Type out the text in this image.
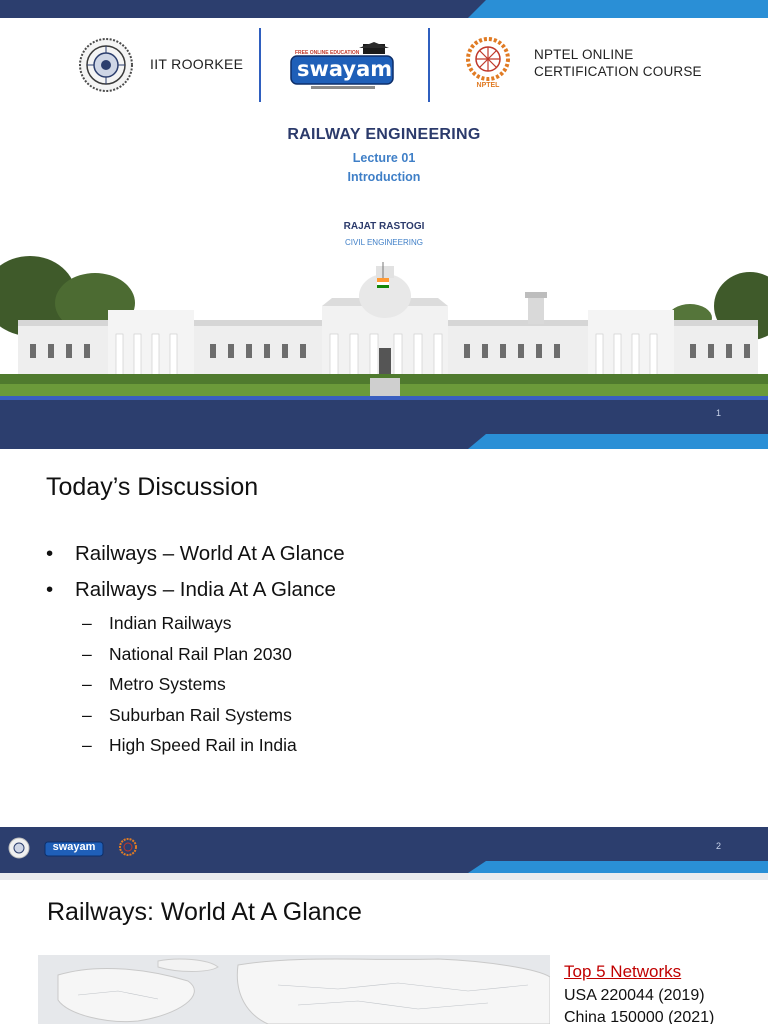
IIT ROORKEE
FREE ONLINE EDUCATION
swayam
NPTEL
NPTEL ONLINE
CERTIFICATION COURSE
RAILWAY ENGINEERING
Lecture 01
Introduction
RAJAT RASTOGI
CIVIL ENGINEERING
1
Today’s Discussion
• Railways – World At A Glance
• Railways – India At A Glance
– Indian Railways
– National Rail Plan 2030
– Metro Systems
– Suburban Rail Systems
– High Speed Rail in India
swayam	2
Railways: World At A Glance
Top 5 Networks
USA 220044 (2019)
China 150000 (2021)
